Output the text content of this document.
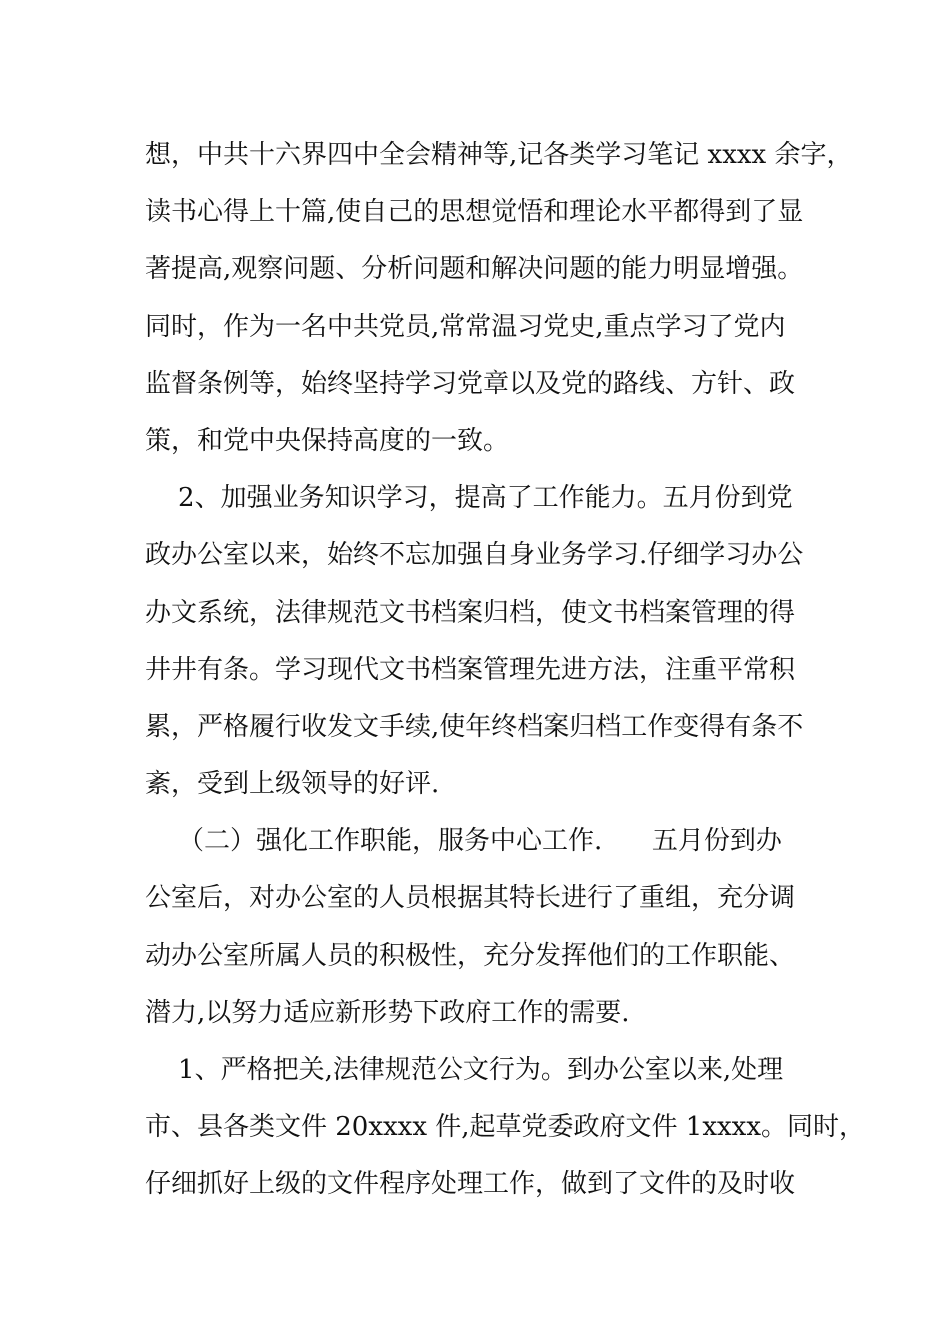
想，中共十六界四中全会精神等,记各类学习笔记 xxxx 余字，
读书心得上十篇,使自己的思想觉悟和理论水平都得到了显
著提高,观察问题、分析问题和解决问题的能力明显增强。
同时，作为一名中共党员,常常温习党史,重点学习了党内
监督条例等，始终坚持学习党章以及党的路线、方针、政
策，和党中央保持高度的一致。
2、加强业务知识学习，提高了工作能力。五月份到党
政办公室以来，始终不忘加强自身业务学习.仔细学习办公
办文系统，法律规范文书档案归档，使文书档案管理的得
井井有条。学习现代文书档案管理先进方法，注重平常积
累，严格履行收发文手续,使年终档案归档工作变得有条不
紊，受到上级领导的好评.
（二）强化工作职能，服务中心工作.      五月份到办
公室后，对办公室的人员根据其特长进行了重组，充分调
动办公室所属人员的积极性，充分发挥他们的工作职能、
潜力,以努力适应新形势下政府工作的需要.
1、严格把关,法律规范公文行为。到办公室以来,处理
市、县各类文件 20xxxx 件,起草党委政府文件 1xxxx。同时，
仔细抓好上级的文件程序处理工作，做到了文件的及时收
